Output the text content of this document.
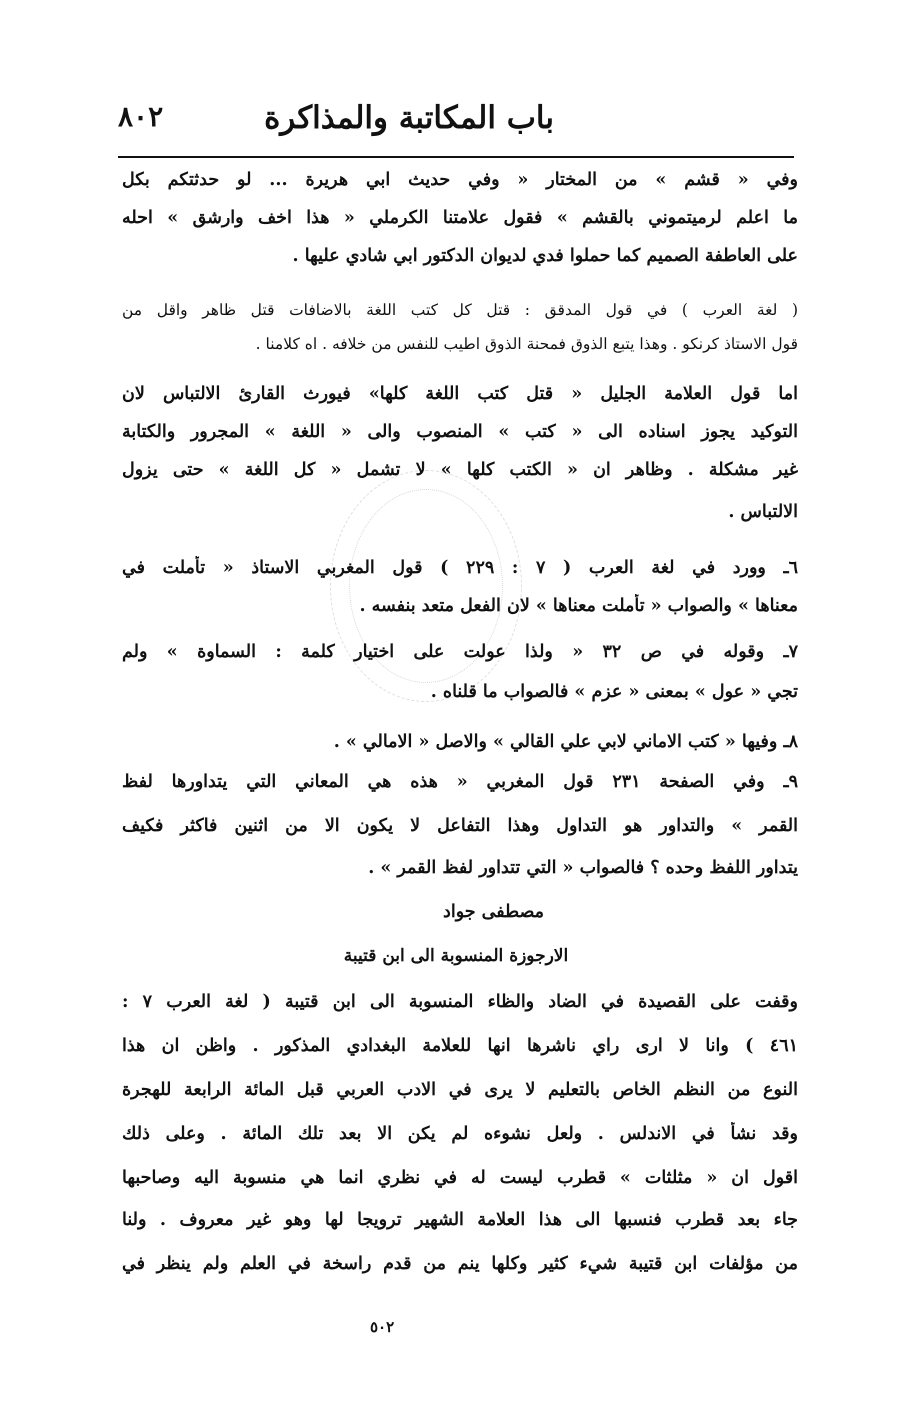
باب المكاتبة والمذاكرة
٨٠٢
وفي « قشم » من المختار « وفي حديث ابي هريرة ... لو حدثتكم بكل
ما اعلم لرميتموني بالقشم » فقول علامتنا الكرملي « هذا اخف وارشق » احله
على العاطفة الصميم كما حملوا فدي لديوان الدكتور ابي شادي عليها .
( لغة العرب ) في قول المدقق : قتل كل كتب اللغة بالاضافات قتل ظاهر واقل من
قول الاستاذ كرنكو . وهذا يتبع الذوق فمحنة الذوق اطيب للنفس من خلافه . اه كلامنا .
اما قول العلامة الجليل « قتل كتب اللغة كلها» فيورث القارئ الالتباس لان
التوكيد يجوز اسناده الى « كتب » المنصوب والى « اللغة » المجرور والكتابة
غير مشكلة . وظاهر ان « الكتب كلها » لا تشمل « كل اللغة » حتى يزول
الالتباس .
٦ـ وورد في لغة العرب ( ٧ : ٢٢٩ ) قول المغربي الاستاذ « تأملت في
معناها » والصواب « تأملت معناها » لان الفعل متعد بنفسه .
٧ـ وقوله في ص ٣٢ « ولذا عولت على اختيار كلمة : السماوة » ولم
تجي « عول » بمعنى « عزم » فالصواب ما قلناه .
٨ـ وفيها « كتب الاماني لابي علي القالي » والاصل « الامالي » .
٩ـ وفي الصفحة ٢٣١ قول المغربي « هذه هي المعاني التي يتداورها لفظ
القمر » والتداور هو التداول وهذا التفاعل لا يكون الا من اثنين فاكثر فكيف
يتداور اللفظ وحده ؟ فالصواب « التي تتداور لفظ القمر » .
مصطفى جواد
الارجوزة المنسوبة الى ابن قتيبة
وقفت على القصيدة في الضاد والظاء المنسوبة الى ابن قتيبة ( لغة العرب ٧ :
٤٦١ ) وانا لا ارى راي ناشرها انها للعلامة البغدادي المذكور . واظن ان هذا
النوع من النظم الخاص بالتعليم لا يرى في الادب العربي قبل المائة الرابعة للهجرة
وقد نشأ في الاندلس . ولعل نشوءه لم يكن الا بعد تلك المائة . وعلى ذلك
اقول ان « مثلثات » قطرب ليست له في نظري انما هي منسوبة اليه وصاحبها
جاء بعد قطرب فنسبها الى هذا العلامة الشهير ترويجا لها وهو غير معروف . ولنا
من مؤلفات ابن قتيبة شيء كثير وكلها ينم من قدم راسخة في العلم ولم ينظر في
٥٠٢
